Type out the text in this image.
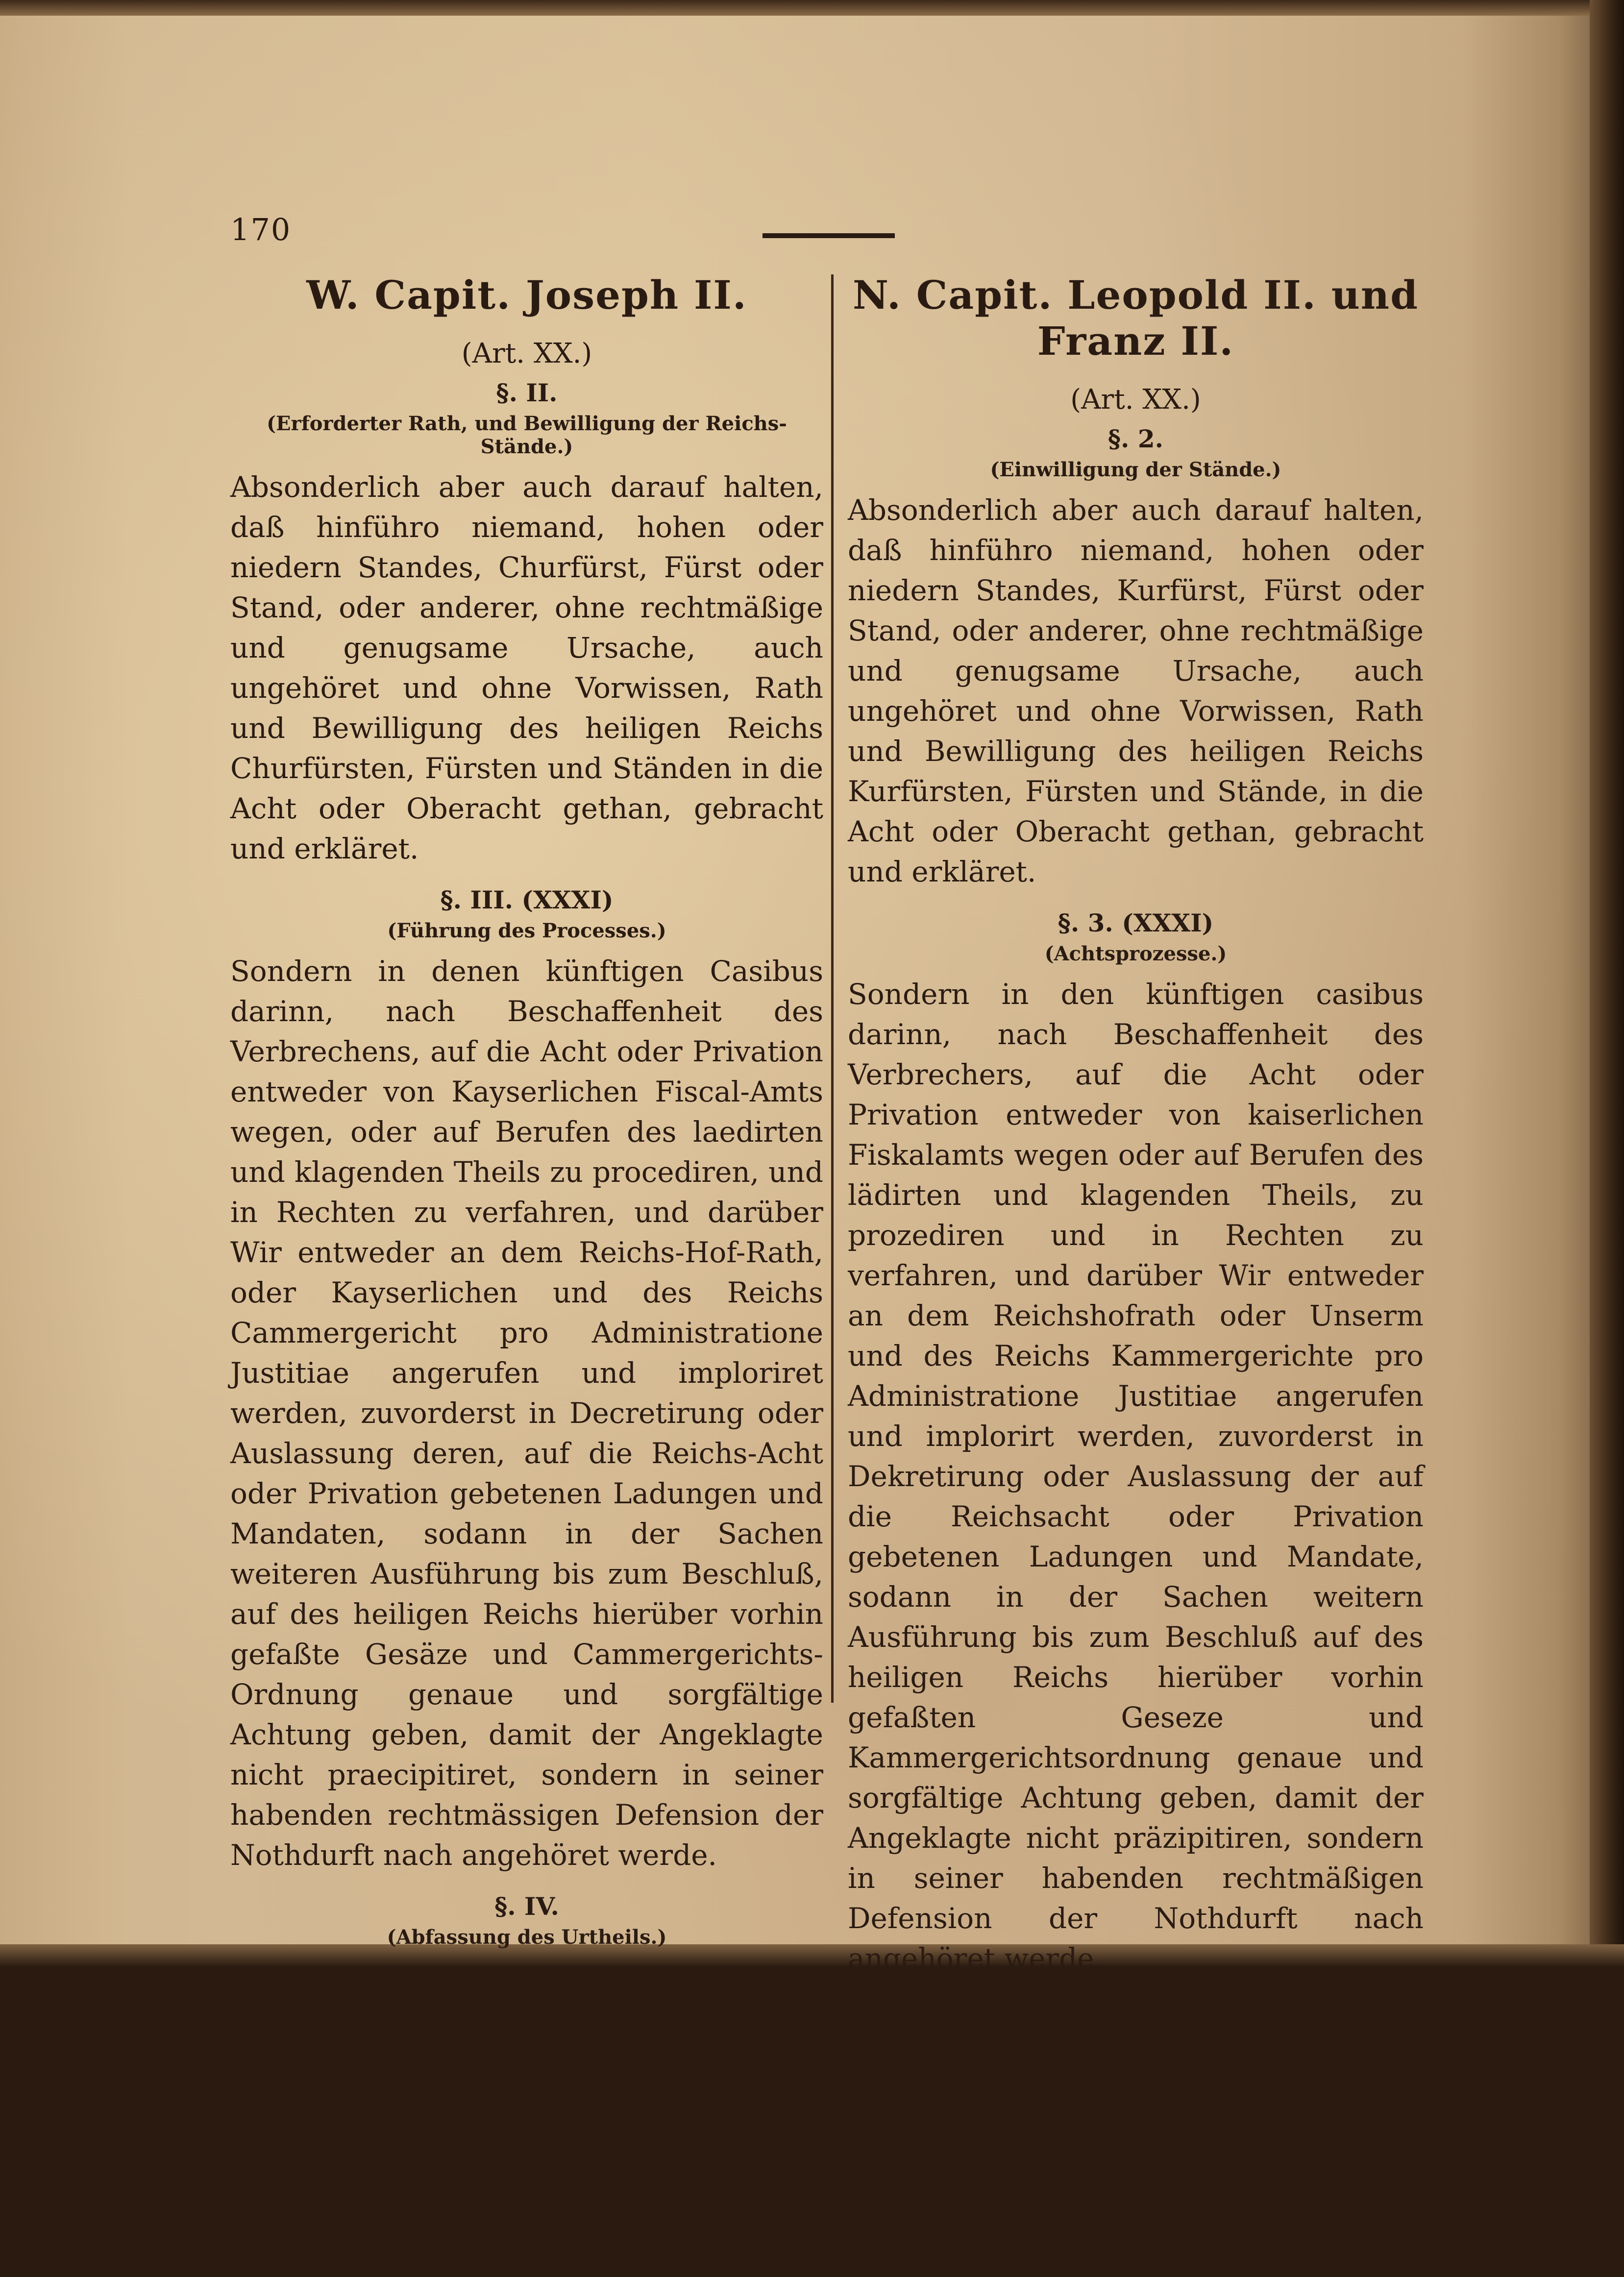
170
W. Capit. Joseph II.
(Art. XX.)
§. II.
(Erforderter Rath, und Bewilligung der Reichs-Stände.)

Absonderlich aber auch darauf halten, daß hinführo niemand, hohen oder niedern Standes, Churfürst, Fürst oder Stand, oder anderer, ohne rechtmäßige und genugsame Ursache, auch ungehöret und ohne Vorwissen, Rath und Bewilligung des heiligen Reichs Churfürsten, Fürsten und Ständen in die Acht oder Oberacht gethan, gebracht und erkläret.

§. III. (XXXI)
(Führung des Processes.)

Sondern in denen künftigen Casibus darinn, nach Beschaffenheit des Verbrechens, auf die Acht oder Privation entweder von Kayserlichen Fiscal-Amts wegen, oder auf Berufen des laedirten und klagenden Theils zu procediren, und in Rechten zu verfahren, und darüber Wir entweder an dem Reichs-Hof-Rath, oder Kayserlichen und des Reichs Cammergericht pro Administratione Justitiae angerufen und imploriret werden, zuvorderst in Decretirung oder Auslassung deren, auf die Reichs-Acht oder Privation gebetenen Ladungen und Mandaten, sodann in der Sachen weiteren Ausführung bis zum Beschluß, auf des heiligen Reichs hierüber vorhin gefaßte Gesäze und Cammergerichts-Ordnung genaue und sorgfältige Achtung geben, damit der Angeklagte nicht praecipitiret, sondern in seiner habenden rechtmässigen Defension der Nothdurft nach angehöret werde.

§. IV.
(Abfassung des Urtheils.)

Wenn es dann zum Schluß der Sachen kommt, so sollen die ergangene Acta auf öffentlichen Reichs-Tag gebracht, durch gewisse hierzu absonderlich

ver-
N. Capit. Leopold II. und Franz II.
(Art. XX.)
§. 2.
(Einwilligung der Stände.)

Absonderlich aber auch darauf halten, daß hinführo niemand, hohen oder niedern Standes, Kurfürst, Fürst oder Stand, oder anderer, ohne rechtmäßige und genugsame Ursache, auch ungehöret und ohne Vorwissen, Rath und Bewilligung des heiligen Reichs Kurfürsten, Fürsten und Stände, in die Acht oder Oberacht gethan, gebracht und erkläret.

§. 3. (XXXI)
(Achtsprozesse.)

Sondern in den künftigen casibus darinn, nach Beschaffenheit des Verbrechers, auf die Acht oder Privation entweder von kaiserlichen Fiskalamts wegen oder auf Berufen des lädirten und klagenden Theils, zu prozediren und in Rechten zu verfahren, und darüber Wir entweder an dem Reichshofrath oder Unserm und des Reichs Kammergerichte pro Administratione Justitiae angerufen und implorirt werden, zuvorderst in Dekretirung oder Auslassung der auf die Reichsacht oder Privation gebetenen Ladungen und Mandate, sodann in der Sachen weitern Ausführung bis zum Beschluß auf des heiligen Reichs hierüber vorhin gefaßten Geseze und Kammergerichtsordnung genaue und sorgfältige Achtung geben, damit der Angeklagte nicht präzipitiren, sondern in seiner habenden rechtmäßigen Defension der Nothdurft nach angehöret werde.

§. 4.
(Abfassung des Urtheils.)

Wenn es dann zum Schlusse der Sache kommt; so sollen die ergangenen Acta auf öffentlichen Reichstag gebracht, durch gewisse hierzu absonderlich

ver-
